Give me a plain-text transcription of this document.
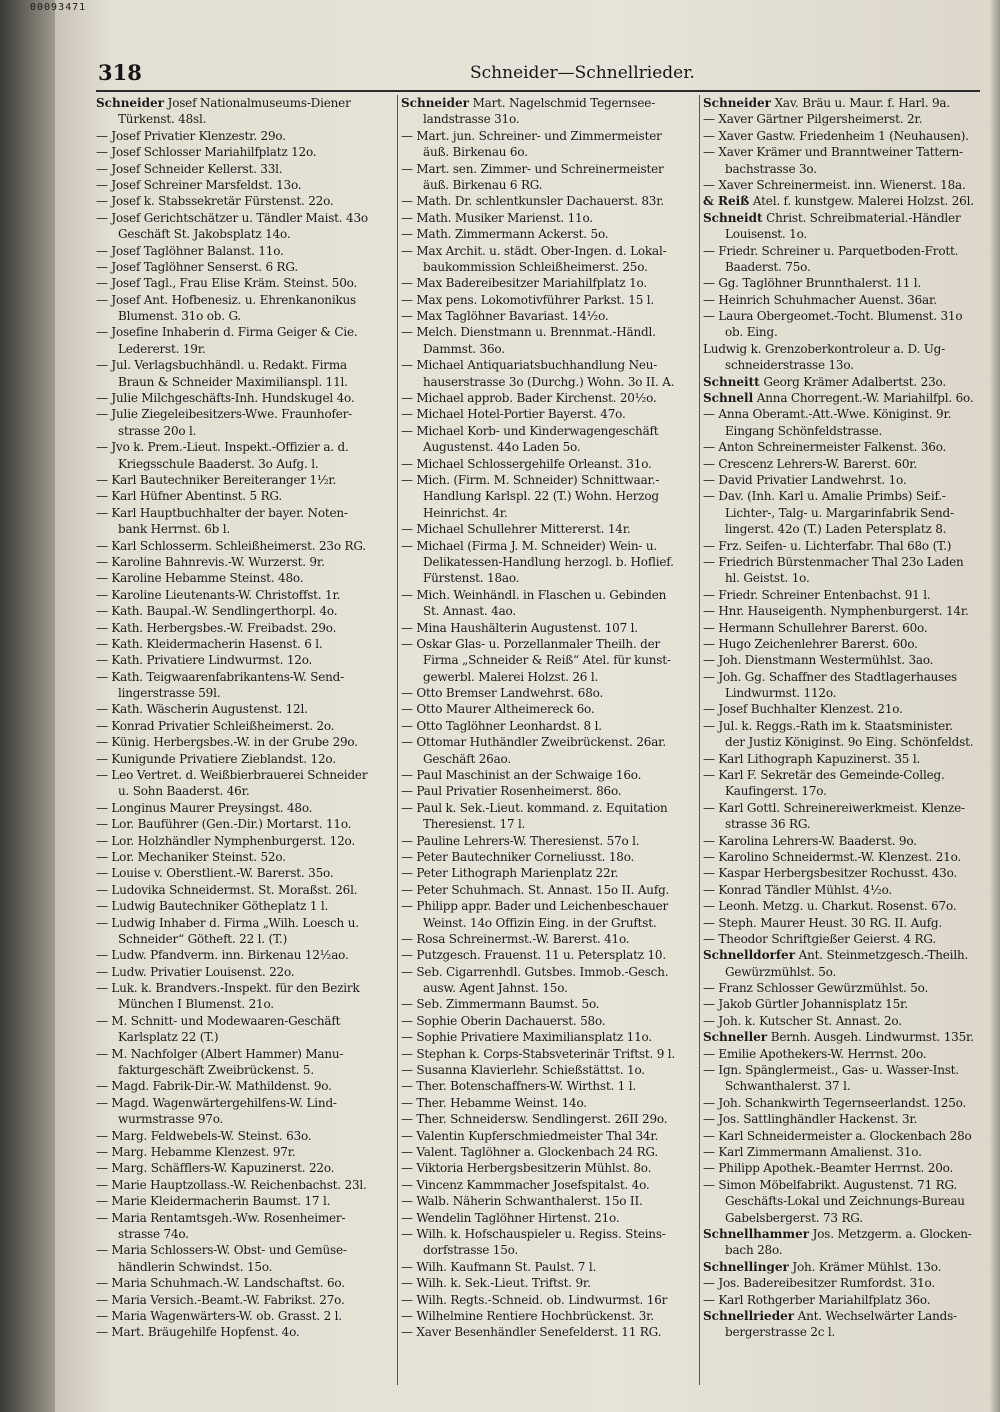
00093471
318	Schneider—Schnellrieder.
Schneider Josef Nationalmuseums-Diener
Türkenst. 48sl.
— Josef Privatier Klenzestr. 29o.
— Josef Schlosser Mariahilfplatz 12o.
— Josef Schneider Kellerst. 33l.
— Josef Schreiner Marsfeldst. 13o.
— Josef k. Stabssekretär Fürstenst. 22o.
— Josef Gerichtschätzer u. Tändler Maist. 43o
Geschäft St. Jakobsplatz 14o.
— Josef Taglöhner Balanst. 11o.
— Josef Taglöhner Senserst. 6 RG.
— Josef Tagl., Frau Elise Kräm. Steinst. 50o.
— Josef Ant. Hofbenesiz. u. Ehrenkanonikus
Blumenst. 31o ob. G.
— Josefine Inhaberin d. Firma Geiger & Cie.
Ledererst. 19r.
— Jul. Verlagsbuchhändl. u. Redakt. Firma
Braun & Schneider Maximilianspl. 11l.
— Julie Milchgeschäfts-Inh. Hundskugel 4o.
— Julie Ziegeleibesitzers-Wwe. Fraunhofer-
strasse 20o l.
— Jvo k. Prem.-Lieut. Inspekt.-Offizier a. d.
Kriegsschule Baaderst. 3o Aufg. l.
— Karl Bautechniker Bereiteranger 1½r.
— Karl Hüfner Abentinst. 5 RG.
— Karl Hauptbuchhalter der bayer. Noten-
bank Herrnst. 6b l.
— Karl Schlosserm. Schleißheimerst. 23o RG.
— Karoline Bahnrevis.-W. Wurzerst. 9r.
— Karoline Hebamme Steinst. 48o.
— Karoline Lieutenants-W. Christoffst. 1r.
— Kath. Baupal.-W. Sendlingerthorpl. 4o.
— Kath. Herbergsbes.-W. Freibadst. 29o.
— Kath. Kleidermacherin Hasenst. 6 l.
— Kath. Privatiere Lindwurmst. 12o.
— Kath. Teigwaarenfabrikantens-W. Send-
lingerstrasse 59l.
— Kath. Wäscherin Augustenst. 12l.
— Konrad Privatier Schleißheimerst. 2o.
— Künig. Herbergsbes.-W. in der Grube 29o.
— Kunigunde Privatiere Zieblandst. 12o.
— Leo Vertret. d. Weißbierbrauerei Schneider
u. Sohn Baaderst. 46r.
— Longinus Maurer Preysingst. 48o.
— Lor. Bauführer (Gen.-Dir.) Mortarst. 11o.
— Lor. Holzhändler Nymphenburgerst. 12o.
— Lor. Mechaniker Steinst. 52o.
— Louise v. Oberstlient.-W. Barerst. 35o.
— Ludovika Schneidermst. St. Moraßst. 26l.
— Ludwig Bautechniker Götheplatz 1 l.
— Ludwig Inhaber d. Firma „Wilh. Loesch u.
Schneider“ Götheft. 22 l. (T.)
— Ludw. Pfandverm. inn. Birkenau 12½ao.
— Ludw. Privatier Louisenst. 22o.
— Luk. k. Brandvers.-Inspekt. für den Bezirk
München I Blumenst. 21o.
— M. Schnitt- und Modewaaren-Geschäft
Karlsplatz 22 (T.)
— M. Nachfolger (Albert Hammer) Manu-
fakturgeschäft Zweibrückenst. 5.
— Magd. Fabrik-Dir.-W. Mathildenst. 9o.
— Magd. Wagenwärtergehilfens-W. Lind-
wurmstrasse 97o.
— Marg. Feldwebels-W. Steinst. 63o.
— Marg. Hebamme Klenzest. 97r.
— Marg. Schäfflers-W. Kapuzinerst. 22o.
— Marie Hauptzollass.-W. Reichenbachst. 23l.
— Marie Kleidermacherin Baumst. 17 l.
— Maria Rentamtsgeh.-Ww. Rosenheimer-
strasse 74o.
— Maria Schlossers-W. Obst- und Gemüse-
händlerin Schwindst. 15o.
— Maria Schuhmach.-W. Landschaftst. 6o.
— Maria Versich.-Beamt.-W. Fabrikst. 27o.
— Maria Wagenwärters-W. ob. Grasst. 2 l.
— Mart. Bräugehilfe Hopfenst. 4o.
Schneider Mart. Nagelschmid Tegernsee-
landstrasse 31o.
— Mart. jun. Schreiner- und Zimmermeister
äuß. Birkenau 6o.
— Mart. sen. Zimmer- und Schreinermeister
äuß. Birkenau 6 RG.
— Math. Dr. schlentkunsler Dachauerst. 83r.
— Math. Musiker Marienst. 11o.
— Math. Zimmermann Ackerst. 5o.
— Max Archit. u. städt. Ober-Ingen. d. Lokal-
baukommission Schleißheimerst. 25o.
— Max Badereibesitzer Mariahilfplatz 1o.
— Max pens. Lokomotivführer Parkst. 15 l.
— Max Taglöhner Bavariast. 14½o.
— Melch. Dienstmann u. Brennmat.-Händl.
Dammst. 36o.
— Michael Antiquariatsbuchhandlung Neu-
hauserstrasse 3o (Durchg.) Wohn. 3o II. A.
— Michael approb. Bader Kirchenst. 20½o.
— Michael Hotel-Portier Bayerst. 47o.
— Michael Korb- und Kinderwagengeschäft
Augustenst. 44o Laden 5o.
— Michael Schlossergehilfe Orleanst. 31o.
— Mich. (Firm. M. Schneider) Schnittwaar.-
Handlung Karlspl. 22 (T.) Wohn. Herzog
Heinrichst. 4r.
— Michael Schullehrer Mittererst. 14r.
— Michael (Firma J. M. Schneider) Wein- u.
Delikatessen-Handlung herzogl. b. Hoflief.
Fürstenst. 18ao.
— Mich. Weinhändl. in Flaschen u. Gebinden
St. Annast. 4ao.
— Mina Haushälterin Augustenst. 107 l.
— Oskar Glas- u. Porzellanmaler Theilh. der
Firma „Schneider & Reiß“ Atel. für kunst-
gewerbl. Malerei Holzst. 26 l.
— Otto Bremser Landwehrst. 68o.
— Otto Maurer Altheimereck 6o.
— Otto Taglöhner Leonhardst. 8 l.
— Ottomar Huthändler Zweibrückenst. 26ar.
Geschäft 26ao.
— Paul Maschinist an der Schwaige 16o.
— Paul Privatier Rosenheimerst. 86o.
— Paul k. Sek.-Lieut. kommand. z. Equitation
Theresienst. 17 l.
— Pauline Lehrers-W. Theresienst. 57o l.
— Peter Bautechniker Corneliusst. 18o.
— Peter Lithograph Marienplatz 22r.
— Peter Schuhmach. St. Annast. 15o II. Aufg.
— Philipp appr. Bader und Leichenbeschauer
Weinst. 14o Offizin Eing. in der Gruftst.
— Rosa Schreinermst.-W. Barerst. 41o.
— Putzgesch. Frauenst. 11 u. Petersplatz 10.
— Seb. Cigarrenhdl. Gutsbes. Immob.-Gesch.
ausw. Agent Jahnst. 15o.
— Seb. Zimmermann Baumst. 5o.
— Sophie Oberin Dachauerst. 58o.
— Sophie Privatiere Maximiliansplatz 11o.
— Stephan k. Corps-Stabsveterinär Triftst. 9 l.
— Susanna Klavierlehr. Schießstättst. 1o.
— Ther. Botenschaffners-W. Wirthst. 1 l.
— Ther. Hebamme Weinst. 14o.
— Ther. Schneidersw. Sendlingerst. 26II 29o.
— Valentin Kupferschmiedmeister Thal 34r.
— Valent. Taglöhner a. Glockenbach 24 RG.
— Viktoria Herbergsbesitzerin Mühlst. 8o.
— Vincenz Kammmacher Josefspitalst. 4o.
— Walb. Näherin Schwanthalerst. 15o II.
— Wendelin Taglöhner Hirtenst. 21o.
— Wilh. k. Hofschauspieler u. Regiss. Steins-
dorfstrasse 15o.
— Wilh. Kaufmann St. Paulst. 7 l.
— Wilh. k. Sek.-Lieut. Triftst. 9r.
— Wilh. Regts.-Schneid. ob. Lindwurmst. 16r
— Wilhelmine Rentiere Hochbrückenst. 3r.
— Xaver Besenhändler Senefelderst. 11 RG.
Schneider Xav. Bräu u. Maur. f. Harl. 9a.
— Xaver Gärtner Pilgersheimerst. 2r.
— Xaver Gastw. Friedenheim 1 (Neuhausen).
— Xaver Krämer und Branntweiner Tattern-
bachstrasse 3o.
— Xaver Schreinermeist. inn. Wienerst. 18a.
& Reiß Atel. f. kunstgew. Malerei Holzst. 26l.
Schneidt Christ. Schreibmaterial.-Händler
Louisenst. 1o.
— Friedr. Schreiner u. Parquetboden-Frott.
Baaderst. 75o.
— Gg. Taglöhner Brunnthalerst. 11 l.
— Heinrich Schuhmacher Auenst. 36ar.
— Laura Obergeomet.-Tocht. Blumenst. 31o
ob. Eing.
Ludwig k. Grenzoberkontroleur a. D. Ug-
schneiderstrasse 13o.
Schneitt Georg Krämer Adalbertst. 23o.
Schnell Anna Chorregent.-W. Mariahilfpl. 6o.
— Anna Oberamt.-Att.-Wwe. Königinst. 9r.
Eingang Schönfeldstrasse.
— Anton Schreinermeister Falkenst. 36o.
— Crescenz Lehrers-W. Barerst. 60r.
— David Privatier Landwehrst. 1o.
— Dav. (Inh. Karl u. Amalie Primbs) Seif.-
Lichter-, Talg- u. Margarinfabrik Send-
lingerst. 42o (T.) Laden Petersplatz 8.
— Frz. Seifen- u. Lichterfabr. Thal 68o (T.)
— Friedrich Bürstenmacher Thal 23o Laden
hl. Geistst. 1o.
— Friedr. Schreiner Entenbachst. 91 l.
— Hnr. Hauseigenth. Nymphenburgerst. 14r.
— Hermann Schullehrer Barerst. 60o.
— Hugo Zeichenlehrer Barerst. 60o.
— Joh. Dienstmann Westermühlst. 3ao.
— Joh. Gg. Schaffner des Stadtlagerhauses
Lindwurmst. 112o.
— Josef Buchhalter Klenzest. 21o.
— Jul. k. Reggs.-Rath im k. Staatsminister.
der Justiz Königinst. 9o Eing. Schönfeldst.
— Karl Lithograph Kapuzinerst. 35 l.
— Karl F. Sekretär des Gemeinde-Colleg.
Kaufingerst. 17o.
— Karl Gottl. Schreinereiwerkmeist. Klenze-
strasse 36 RG.
— Karolina Lehrers-W. Baaderst. 9o.
— Karolino Schneidermst.-W. Klenzest. 21o.
— Kaspar Herbergsbesitzer Rochusst. 43o.
— Konrad Tändler Mühlst. 4½o.
— Leonh. Metzg. u. Charkut. Rosenst. 67o.
— Steph. Maurer Heust. 30 RG. II. Aufg.
— Theodor Schriftgießer Geierst. 4 RG.
Schnelldorfer Ant. Steinmetzgesch.-Theilh.
Gewürzmühlst. 5o.
— Franz Schlosser Gewürzmühlst. 5o.
— Jakob Gürtler Johannisplatz 15r.
— Joh. k. Kutscher St. Annast. 2o.
Schneller Bernh. Ausgeh. Lindwurmst. 135r.
— Emilie Apothekers-W. Herrnst. 20o.
— Ign. Spänglermeist., Gas- u. Wasser-Inst.
Schwanthalerst. 37 l.
— Joh. Schankwirth Tegernseerlandst. 125o.
— Jos. Sattlinghändler Hackenst. 3r.
— Karl Schneidermeister a. Glockenbach 28o
— Karl Zimmermann Amalienst. 31o.
— Philipp Apothek.-Beamter Herrnst. 20o.
— Simon Möbelfabrikt. Augustenst. 71 RG.
Geschäfts-Lokal und Zeichnungs-Bureau
Gabelsbergerst. 73 RG.
Schnellhammer Jos. Metzgerm. a. Glocken-
bach 28o.
Schnellinger Joh. Krämer Mühlst. 13o.
— Jos. Badereibesitzer Rumfordst. 31o.
— Karl Rothgerber Mariahilfplatz 36o.
Schnellrieder Ant. Wechselwärter Lands-
bergerstrasse 2c l.
